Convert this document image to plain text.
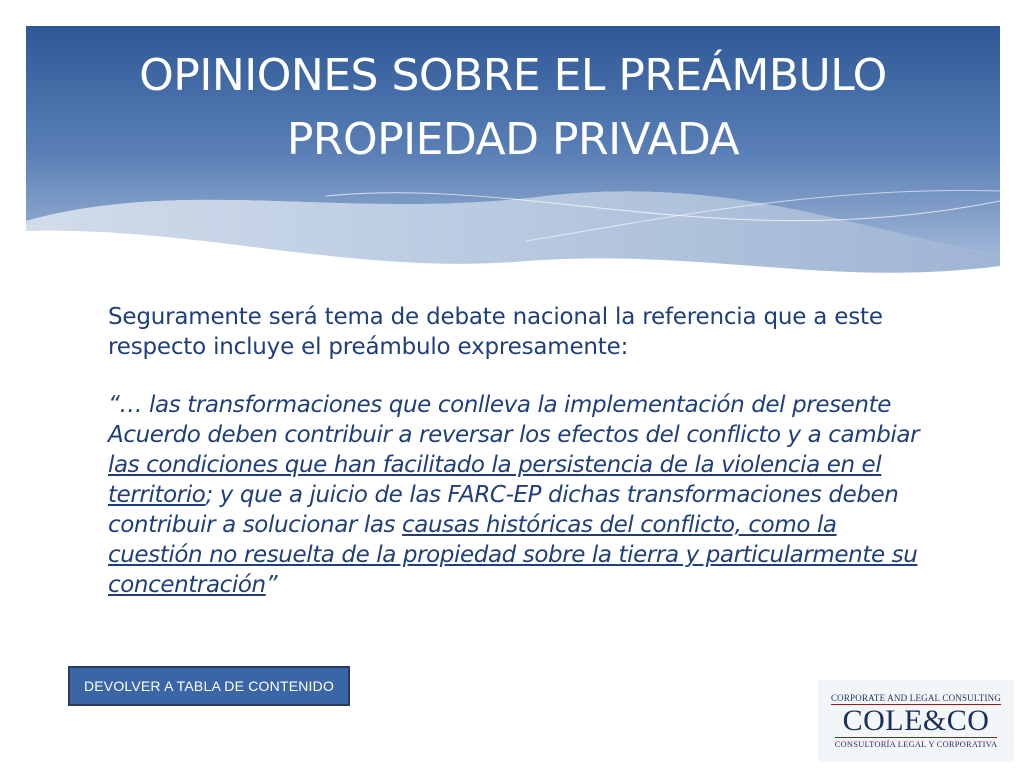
OPINIONES SOBRE EL PREÁMBULO
PROPIEDAD PRIVADA

Seguramente será tema de debate nacional la referencia que a este respecto incluye el preámbulo expresamente:

“… las transformaciones que conlleva la implementación del presente Acuerdo deben contribuir a reversar los efectos del conflicto y a cambiar las condiciones que han facilitado la persistencia de la violencia en el territorio; y que a juicio de las FARC-EP dichas transformaciones deben contribuir a solucionar las causas históricas del conflicto, como la cuestión no resuelta de la propiedad sobre la tierra y particularmente su concentración”

DEVOLVER A TABLA DE CONTENIDO
CORPORATE AND LEGAL CONSULTING
COLE&CO
CONSULTORÍA LEGAL Y CORPORATIVA
